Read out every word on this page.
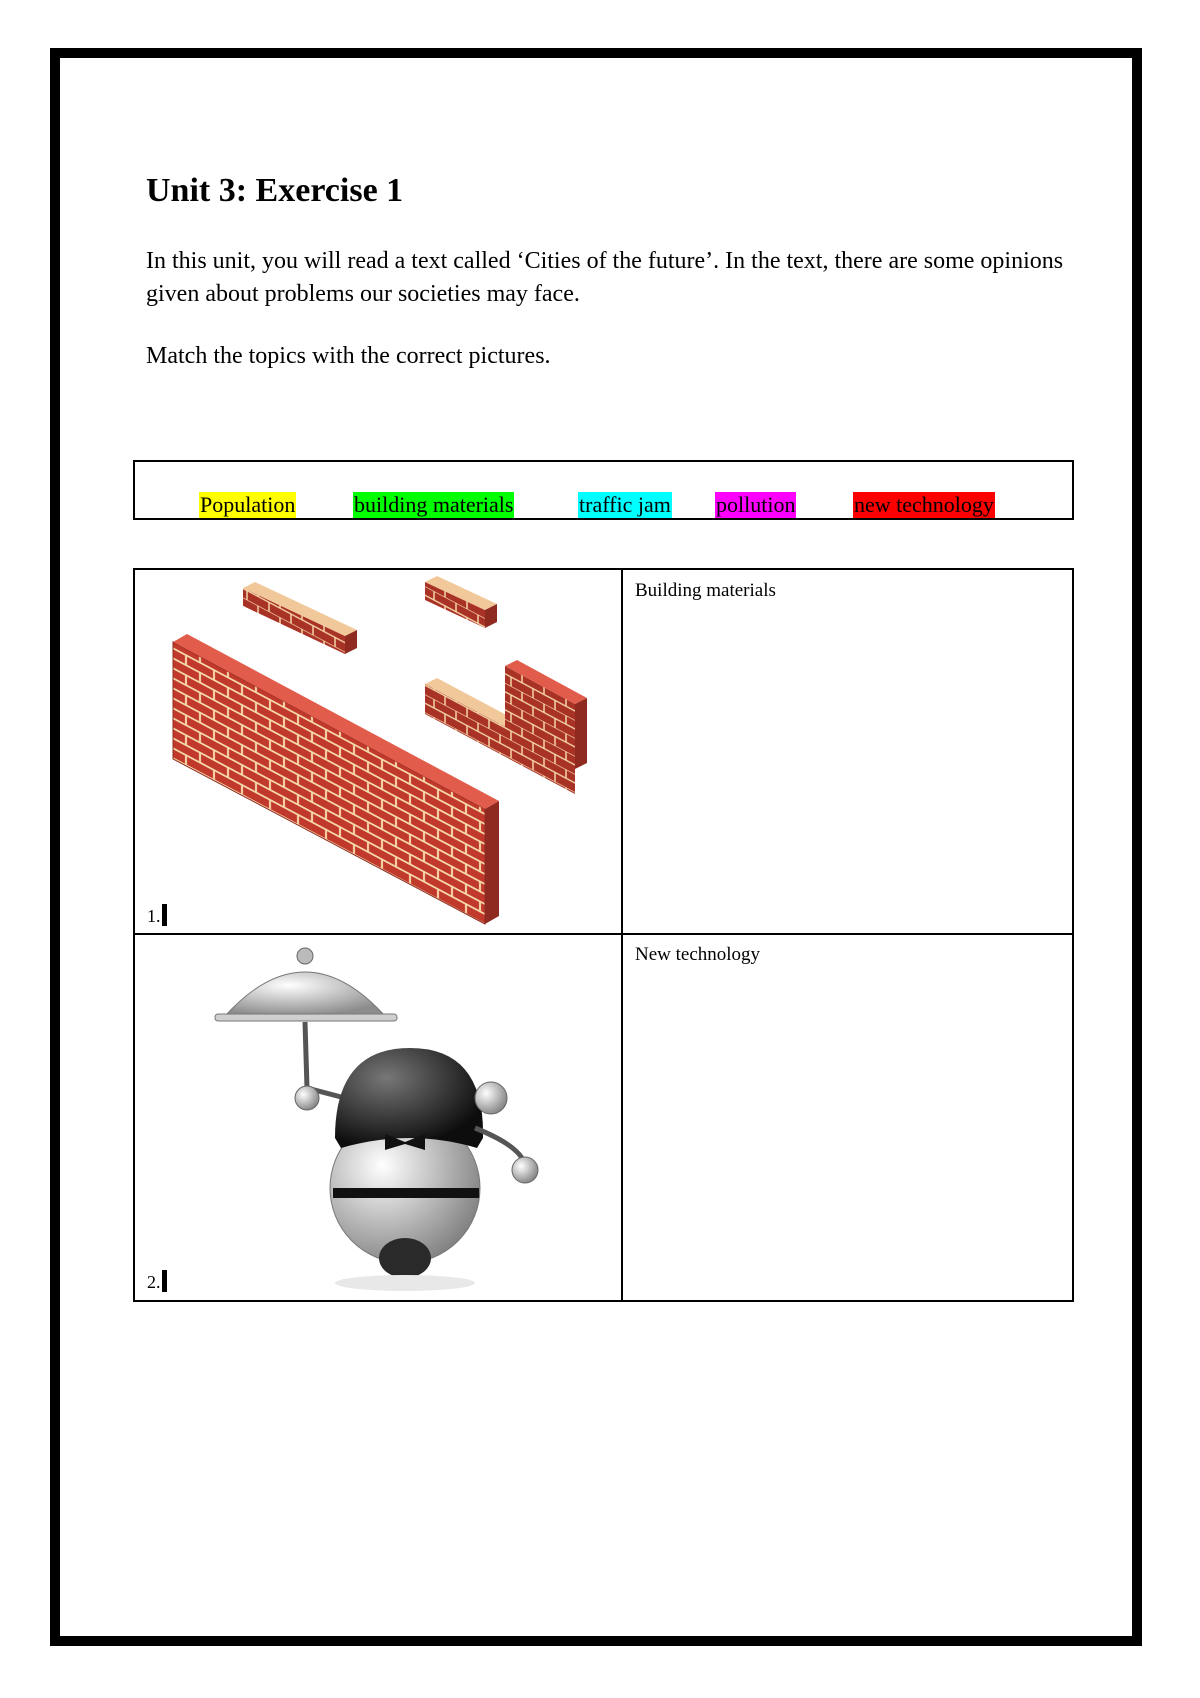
Unit 3: Exercise 1

In this unit, you will read a text called ‘Cities of the future’. In the text, there are some opinions given about problems our societies may face.

Match the topics with the correct pictures.

Population	building materials	traffic jam pollution	new technology
1.
Building materials
2.
New technology
